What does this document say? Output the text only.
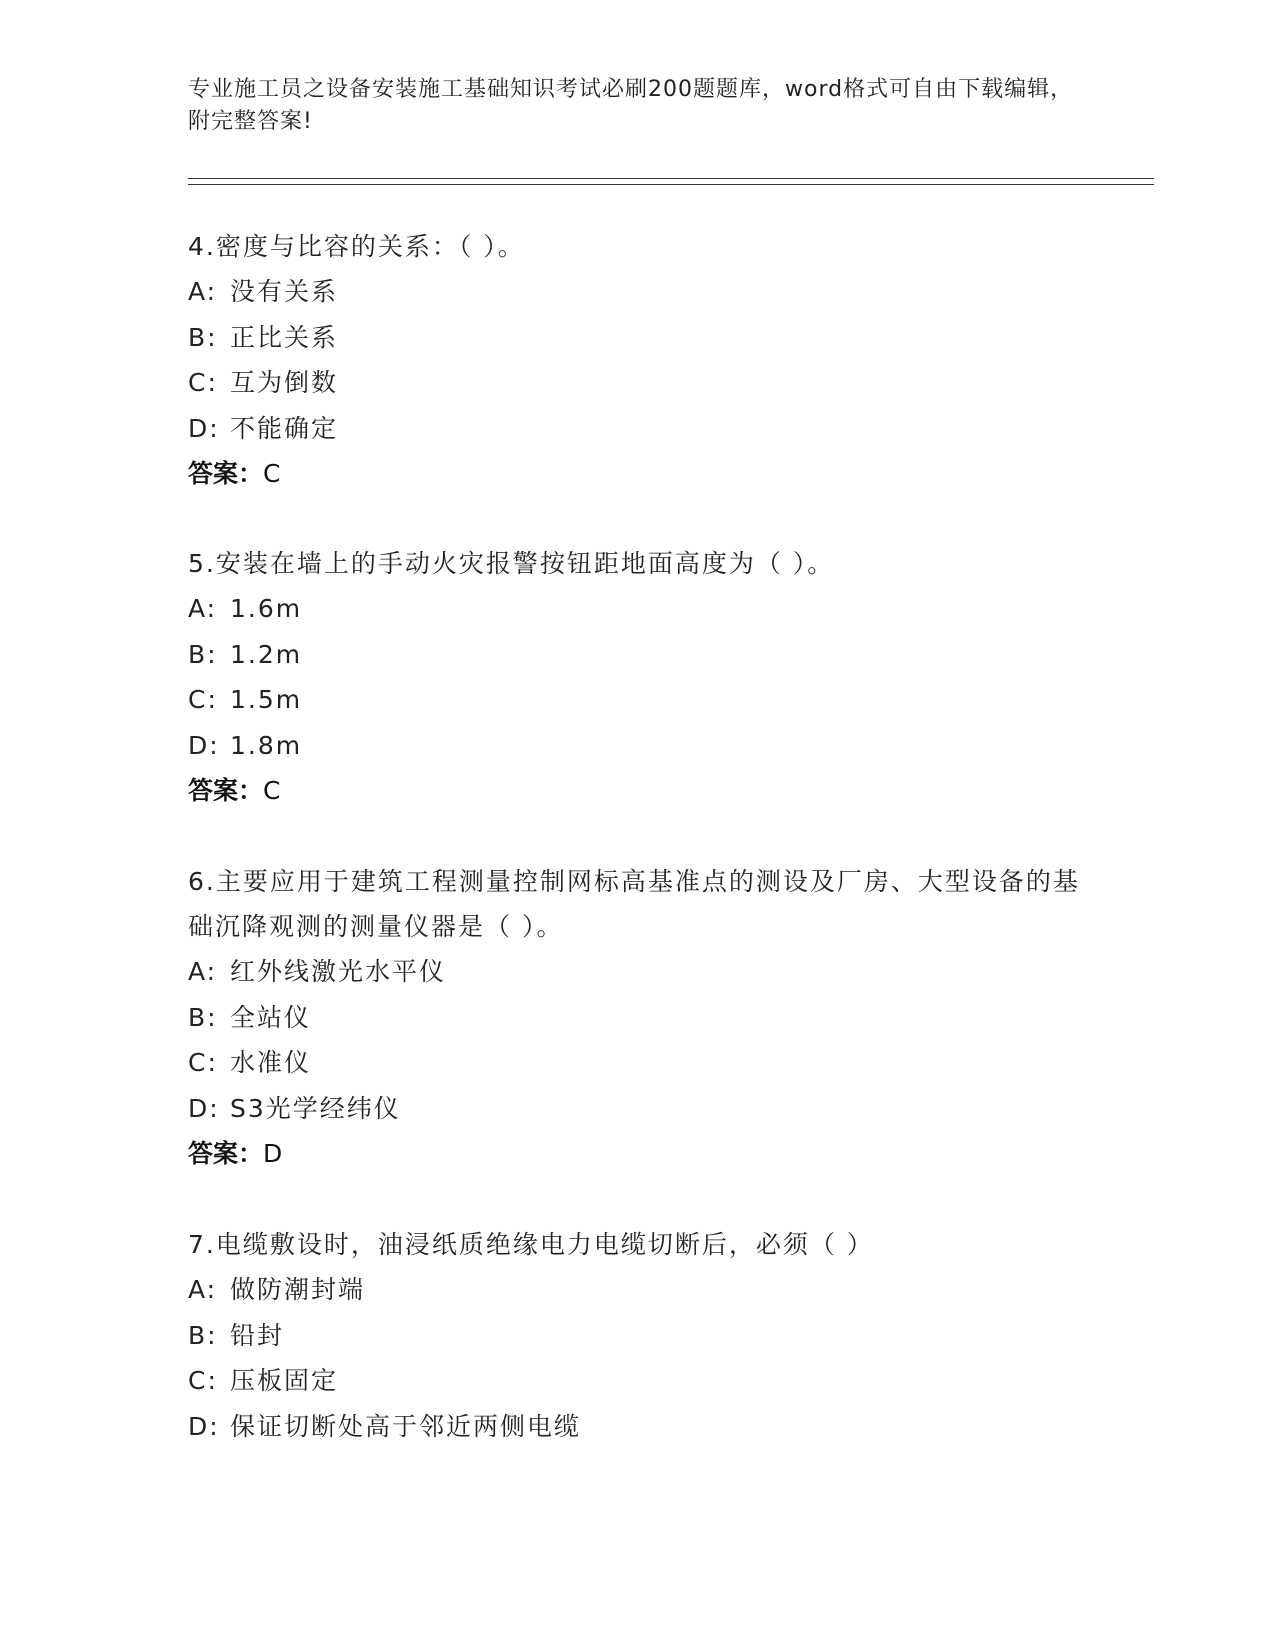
专业施工员之设备安装施工基础知识考试必刷200题题库，word格式可自由下载编辑，附完整答案!
4.密度与比容的关系：（ ）。
A: 没有关系
B: 正比关系
C: 互为倒数
D: 不能确定
答案：C
5.安装在墙上的手动火灾报警按钮距地面高度为（ ）。
A: 1.6m
B: 1.2m
C: 1.5m
D: 1.8m
答案：C
6.主要应用于建筑工程测量控制网标高基准点的测设及厂房、大型设备的基础沉降观测的测量仪器是（ ）。
A: 红外线激光水平仪
B: 全站仪
C: 水准仪
D: S3光学经纬仪
答案：D
7.电缆敷设时，油浸纸质绝缘电力电缆切断后，必须（ ）
A: 做防潮封端
B: 铅封
C: 压板固定
D: 保证切断处高于邻近两侧电缆
